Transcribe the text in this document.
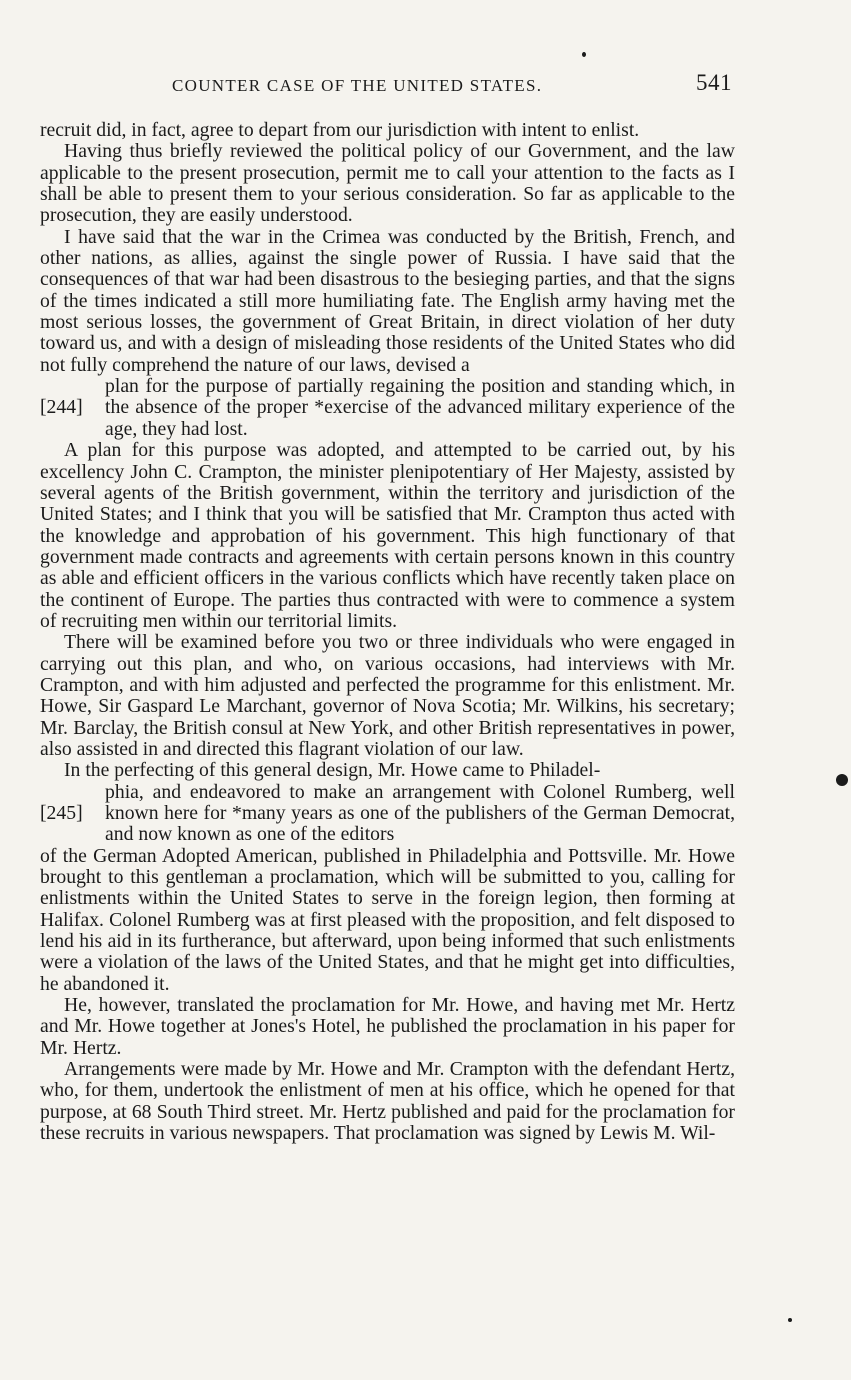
COUNTER CASE OF THE UNITED STATES.	541

recruit did, in fact, agree to depart from our jurisdiction with intent to enlist.

Having thus briefly reviewed the political policy of our Government, and the law applicable to the present prosecution, permit me to call your attention to the facts as I shall be able to present them to your serious consideration. So far as applicable to the prosecution, they are easily understood.

I have said that the war in the Crimea was conducted by the British, French, and other nations, as allies, against the single power of Russia. I have said that the consequences of that war had been disastrous to the besieging parties, and that the signs of the times indicated a still more humiliating fate. The English army having met the most serious losses, the government of Great Britain, in direct violation of her duty toward us, and with a design of misleading those residents of the United States who did not fully comprehend the nature of our laws, devised a

[244]

plan for the purpose of partially regaining the position and standing which, in the absence of the proper *exercise of the advanced military experience of the age, they had lost.

A plan for this purpose was adopted, and attempted to be carried out, by his excellency John C. Crampton, the minister plenipotentiary of Her Majesty, assisted by several agents of the British government, within the territory and jurisdiction of the United States; and I think that you will be satisfied that Mr. Crampton thus acted with the knowledge and approbation of his government. This high functionary of that government made contracts and agreements with certain persons known in this country as able and efficient officers in the various conflicts which have recently taken place on the continent of Europe. The parties thus contracted with were to commence a system of recruiting men within our territorial limits.

There will be examined before you two or three individuals who were engaged in carrying out this plan, and who, on various occasions, had interviews with Mr. Crampton, and with him adjusted and perfected the programme for this enlistment. Mr. Howe, Sir Gaspard Le Marchant, governor of Nova Scotia; Mr. Wilkins, his secretary; Mr. Barclay, the British consul at New York, and other British representatives in power, also assisted in and directed this flagrant violation of our law.

In the perfecting of this general design, Mr. Howe came to Philadel-

[245]

phia, and endeavored to make an arrangement with Colonel Rumberg, well known here for *many years as one of the publishers of the German Democrat, and now known as one of the editors

of the German Adopted American, published in Philadelphia and Pottsville. Mr. Howe brought to this gentleman a proclamation, which will be submitted to you, calling for enlistments within the United States to serve in the foreign legion, then forming at Halifax. Colonel Rumberg was at first pleased with the proposition, and felt disposed to lend his aid in its furtherance, but afterward, upon being informed that such enlistments were a violation of the laws of the United States, and that he might get into difficulties, he abandoned it.

He, however, translated the proclamation for Mr. Howe, and having met Mr. Hertz and Mr. Howe together at Jones's Hotel, he published the proclamation in his paper for Mr. Hertz.

Arrangements were made by Mr. Howe and Mr. Crampton with the defendant Hertz, who, for them, undertook the enlistment of men at his office, which he opened for that purpose, at 68 South Third street. Mr. Hertz published and paid for the proclamation for these recruits in various newspapers. That proclamation was signed by Lewis M. Wil-
